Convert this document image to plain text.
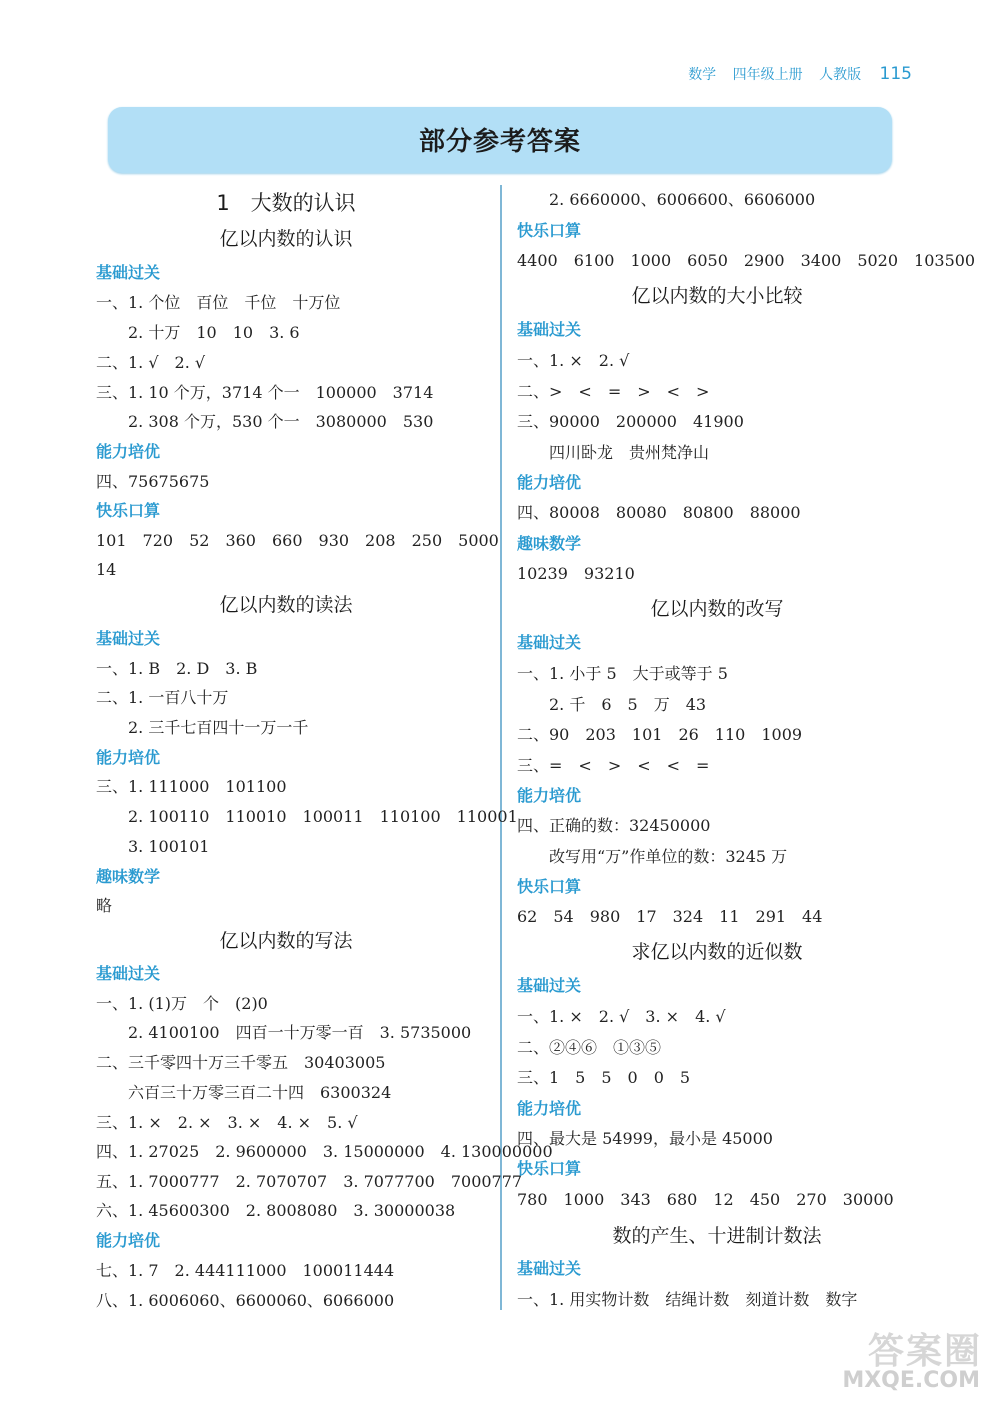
数学 四年级上册 人教版 115
部分参考答案
1　大数的认识
亿以内数的认识
基础过关
一、1. 个位　百位　千位　十万位
2. 十万　10　10　3. 6
二、1. √　2. √
三、1. 10 个万，3714 个一　100000　3714
2. 308 个万，530 个一　3080000　530
能力培优
四、75675675
快乐口算
101　720　52　360　660　930　208　250　5000
14
亿以内数的读法
基础过关
一、1. B　2. D　3. B
二、1. 一百八十万
2. 三千七百四十一万一千
能力培优
三、1. 111000　101100
2. 100110　110010　100011　110100　110001
3. 100101
趣味数学
略
亿以内数的写法
基础过关
一、1. (1)万　个　(2)0
2. 4100100　四百一十万零一百　3. 5735000
二、三千零四十万三千零五　30403005
六百三十万零三百二十四　6300324
三、1. ×　2. ×　3. ×　4. ×　5. √
四、1. 27025　2. 9600000　3. 15000000　4. 130000000
五、1. 7000777　2. 7070707　3. 7077700　7000777
六、1. 45600300　2. 8008080　3. 30000038
能力培优
七、1. 7　2. 444111000　100011444
八、1. 6006060、6600060、6066000
2. 6660000、6006600、6606000
快乐口算
4400　6100　1000　6050　2900　3400　5020　103500
亿以内数的大小比较
基础过关
一、1. ×　2. √
二、>　<　=　>　<　>
三、90000　200000　41900
四川卧龙　贵州梵净山
能力培优
四、80008　80080　80800　88000
趣味数学
10239　93210
亿以内数的改写
基础过关
一、1. 小于 5　大于或等于 5
2. 千　6　5　万　43
二、90　203　101　26　110　1009
三、=　<　>　<　<　=
能力培优
四、正确的数：32450000
改写用“万”作单位的数：3245 万
快乐口算
62　54　980　17　324　11　291　44
求亿以内数的近似数
基础过关
一、1. ×　2. √　3. ×　4. √
二、②④⑥　①③⑤
三、1　5　5　0　0　5
能力培优
四、最大是 54999，最小是 45000
快乐口算
780　1000　343　680　12　450　270　30000
数的产生、十进制计数法
基础过关
一、1. 用实物计数　结绳计数　刻道计数　数字
答案圈
MXQE.COM
